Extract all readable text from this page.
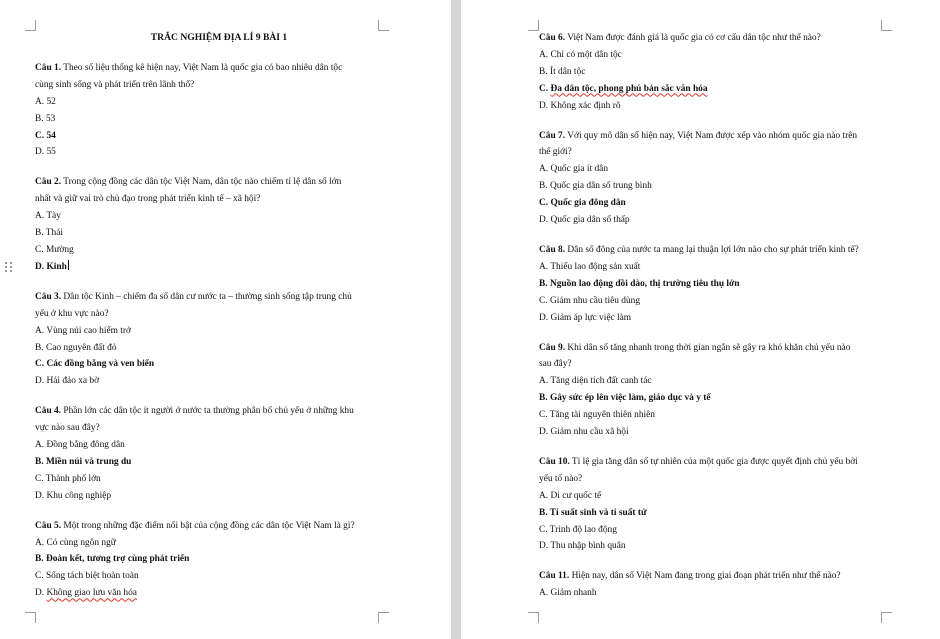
TRẮC NGHIỆM ĐỊA LÍ 9 BÀI 1

Câu 1. Theo số liệu thống kê hiện nay, Việt Nam là quốc gia có bao nhiêu dân tộc

cùng sinh sống và phát triển trên lãnh thổ?

A. 52

B. 53

C. 54

D. 55

Câu 2. Trong cộng đồng các dân tộc Việt Nam, dân tộc nào chiếm tỉ lệ dân số lớn

nhất và giữ vai trò chủ đạo trong phát triển kinh tế – xã hội?

A. Tày

B. Thái

C. Mường

D. Kinh

Câu 3. Dân tộc Kinh – chiếm đa số dân cư nước ta – thường sinh sống tập trung chủ

yếu ở khu vực nào?

A. Vùng núi cao hiểm trở

B. Cao nguyên đất đỏ

C. Các đồng bằng và ven biển

D. Hải đảo xa bờ

Câu 4. Phần lớn các dân tộc ít người ở nước ta thường phân bố chủ yếu ở những khu

vực nào sau đây?

A. Đồng bằng đông dân

B. Miền núi và trung du

C. Thành phố lớn

D. Khu công nghiệp

Câu 5. Một trong những đặc điểm nổi bật của cộng đồng các dân tộc Việt Nam là gì?

A. Có cùng ngôn ngữ

B. Đoàn kết, tương trợ cùng phát triển

C. Sống tách biệt hoàn toàn

D. Không giao lưu văn hóa

Câu 6. Việt Nam được đánh giá là quốc gia có cơ cấu dân tộc như thế nào?

A. Chỉ có một dân tộc

B. Ít dân tộc

C. Đa dân tộc, phong phú bản sắc văn hóa

D. Không xác định rõ

Câu 7. Với quy mô dân số hiện nay, Việt Nam được xếp vào nhóm quốc gia nào trên

thế giới?

A. Quốc gia ít dân

B. Quốc gia dân số trung bình

C. Quốc gia đông dân

D. Quốc gia dân số thấp

Câu 8. Dân số đông của nước ta mang lại thuận lợi lớn nào cho sự phát triển kinh tế?

A. Thiếu lao động sản xuất

B. Nguồn lao động dồi dào, thị trường tiêu thụ lớn

C. Giảm nhu cầu tiêu dùng

D. Giảm áp lực việc làm

Câu 9. Khi dân số tăng nhanh trong thời gian ngắn sẽ gây ra khó khăn chủ yếu nào

sau đây?

A. Tăng diện tích đất canh tác

B. Gây sức ép lên việc làm, giáo dục và y tế

C. Tăng tài nguyên thiên nhiên

D. Giảm nhu cầu xã hội

Câu 10. Tỉ lệ gia tăng dân số tự nhiên của một quốc gia được quyết định chủ yếu bởi

yếu tố nào?

A. Di cư quốc tế

B. Tỉ suất sinh và tỉ suất tử

C. Trình độ lao động

D. Thu nhập bình quân

Câu 11. Hiện nay, dân số Việt Nam đang trong giai đoạn phát triển như thế nào?

A. Giảm nhanh
